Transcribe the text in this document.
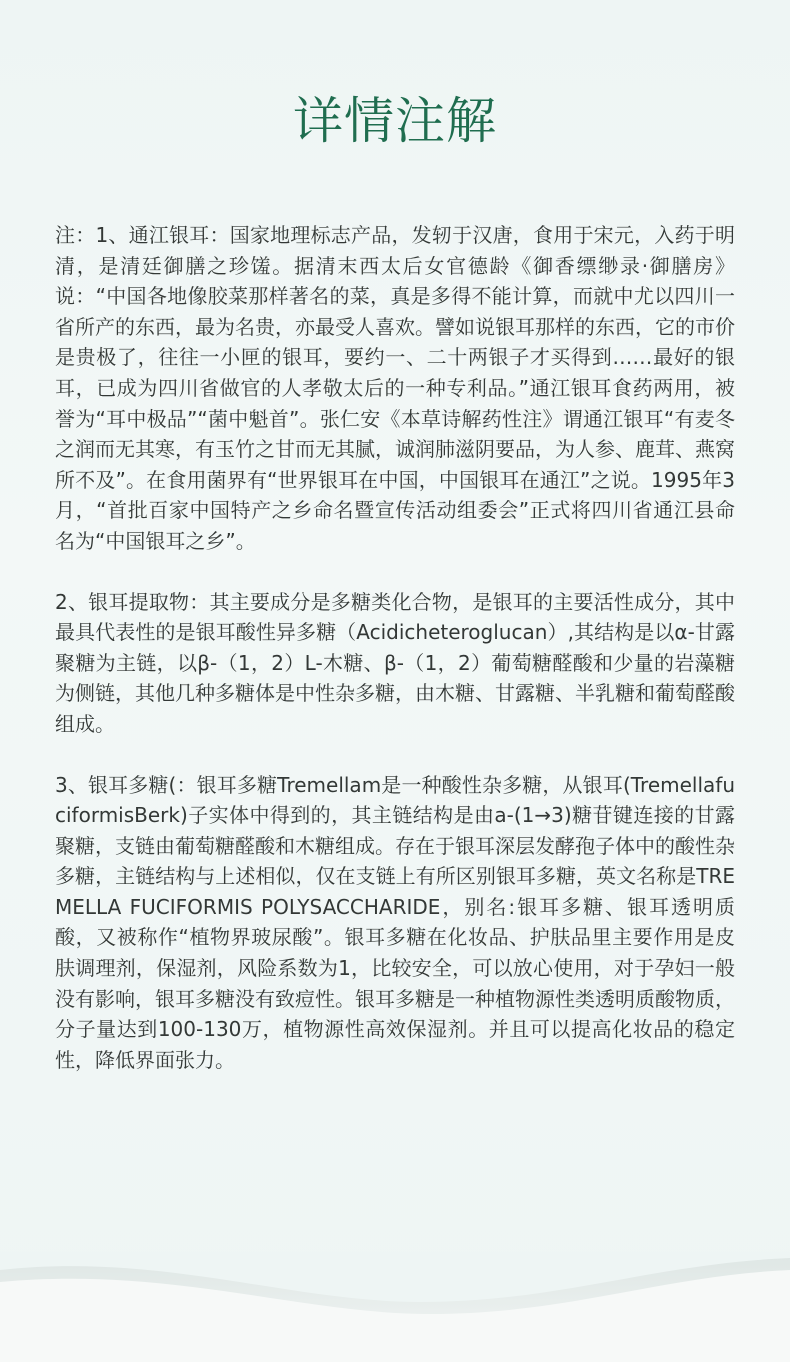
详情注解

注：1、通江银耳：国家地理标志产品，发轫于汉唐，食用于宋元，入药于明清，是清廷御膳之珍馐。据清末西太后女官德龄《御香缥缈录·御膳房》说：“中国各地像胶菜那样著名的菜，真是多得不能计算，而就中尤以四川一省所产的东西，最为名贵，亦最受人喜欢。譬如说银耳那样的东西，它的市价是贵极了，往往一小匣的银耳，要约一、二十两银子才买得到……最好的银耳，已成为四川省做官的人孝敬太后的一种专利品。”通江银耳食药两用，被誉为“耳中极品”“菌中魁首”。张仁安《本草诗解药性注》谓通江银耳“有麦冬之润而无其寒，有玉竹之甘而无其腻，诚润肺滋阴要品，为人参、鹿茸、燕窝所不及”。在食用菌界有“世界银耳在中国，中国银耳在通江”之说。1995年3月，“首批百家中国特产之乡命名暨宣传活动组委会”正式将四川省通江县命名为“中国银耳之乡”。

2、银耳提取物：其主要成分是多糖类化合物，是银耳的主要活性成分，其中最具代表性的是银耳酸性异多糖（Acidicheteroglucan）,其结构是以α-甘露聚糖为主链，以β-（1，2）L-木糖、β-（1，2）葡萄糖醛酸和少量的岩藻糖为侧链，其他几种多糖体是中性杂多糖，由木糖、甘露糖、半乳糖和葡萄醛酸组成。

3、银耳多糖(：银耳多糖Tremellam是一种酸性杂多糖，从银耳(TremellafuciformisBerk)子实体中得到的，其主链结构是由a-(1→3)糖苷键连接的甘露聚糖，支链由葡萄糖醛酸和木糖组成。存在于银耳深层发酵孢子体中的酸性杂多糖，主链结构与上述相似，仅在支链上有所区别银耳多糖，英文名称是TREMELLA FUCIFORMIS POLYSACCHARIDE，别名:银耳多糖、银耳透明质酸，又被称作“植物界玻尿酸”。银耳多糖在化妆品、护肤品里主要作用是皮肤调理剂，保湿剂，风险系数为1，比较安全，可以放心使用，对于孕妇一般没有影响，银耳多糖没有致痘性。银耳多糖是一种植物源性类透明质酸物质，分子量达到100-130万，植物源性高效保湿剂。并且可以提高化妆品的稳定性，降低界面张力。
